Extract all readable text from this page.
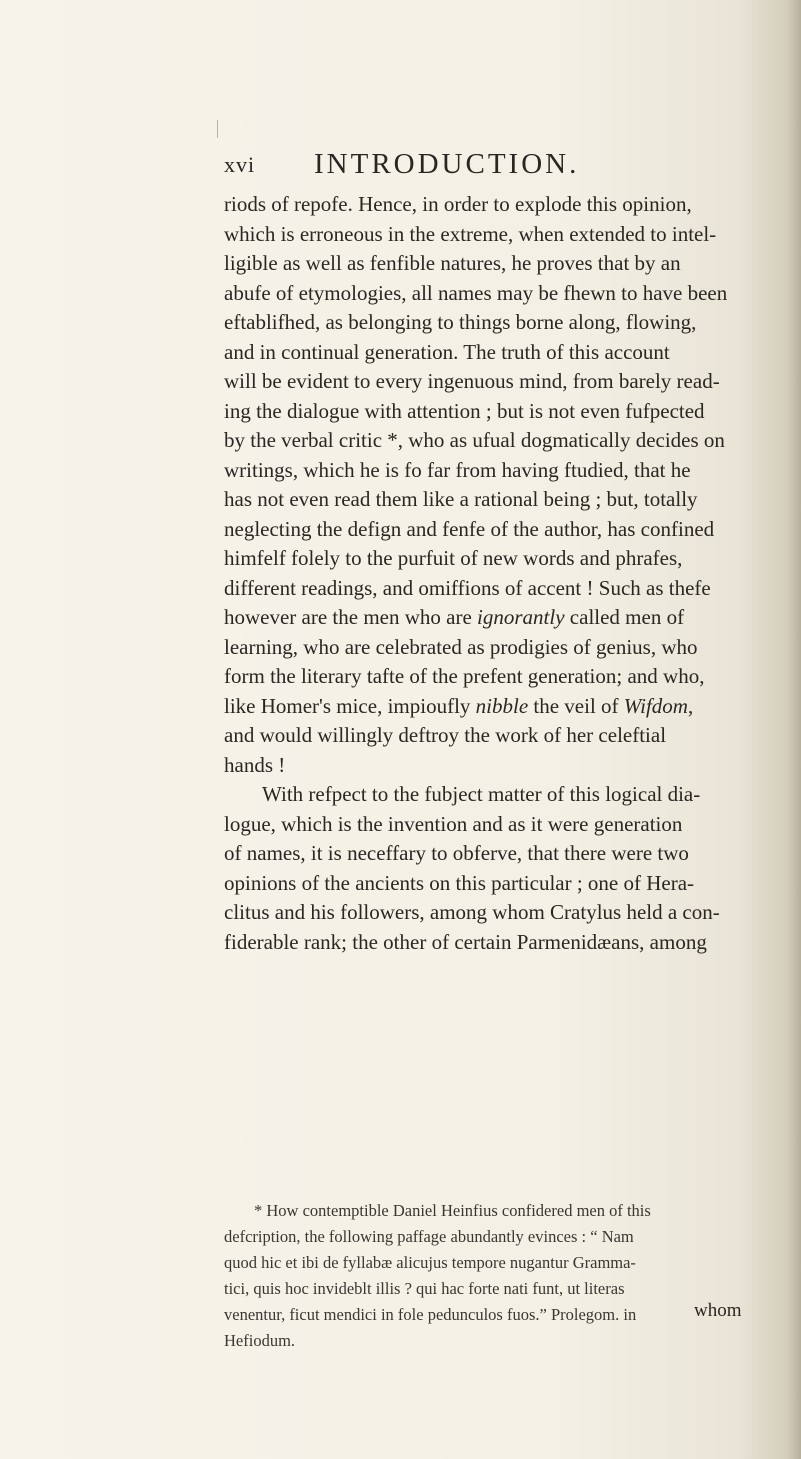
xvi INTRODUCTION.
riods of repofe. Hence, in order to explode this opinion,
which is erroneous in the extreme, when extended to intel-
ligible as well as fenfible natures, he proves that by an
abufe of etymologies, all names may be fhewn to have been
eftablifhed, as belonging to things borne along, flowing,
and in continual generation. The truth of this account
will be evident to every ingenuous mind, from barely read-
ing the dialogue with attention ; but is not even fufpected
by the verbal critic *, who as ufual dogmatically decides on
writings, which he is fo far from having ftudied, that he
has not even read them like a rational being ; but, totally
neglecting the defign and fenfe of the author, has confined
himfelf folely to the purfuit of new words and phrafes,
different readings, and omiffions of accent ! Such as thefe
however are the men who are ignorantly called men of
learning, who are celebrated as prodigies of genius, who
form the literary tafte of the prefent generation; and who,
like Homer's mice, impioufly nibble the veil of Wifdom,
and would willingly deftroy the work of her celeftial
hands !
With refpect to the fubject matter of this logical dia-
logue, which is the invention and as it were generation
of names, it is neceffary to obferve, that there were two
opinions of the ancients on this particular ; one of Hera-
clitus and his followers, among whom Cratylus held a con-
fiderable rank; the other of certain Parmenidæans, among
* How contemptible Daniel Heinfius confidered men of this
defcription, the following paffage abundantly evinces : “ Nam
quod hic et ibi de fyllabæ alicujus tempore nugantur Gramma-
tici, quis hoc invideblt illis ? qui hac forte nati funt, ut literas
venentur, ficut mendici in fole pedunculos fuos.” Prolegom. in
Hefiodum.
whom
